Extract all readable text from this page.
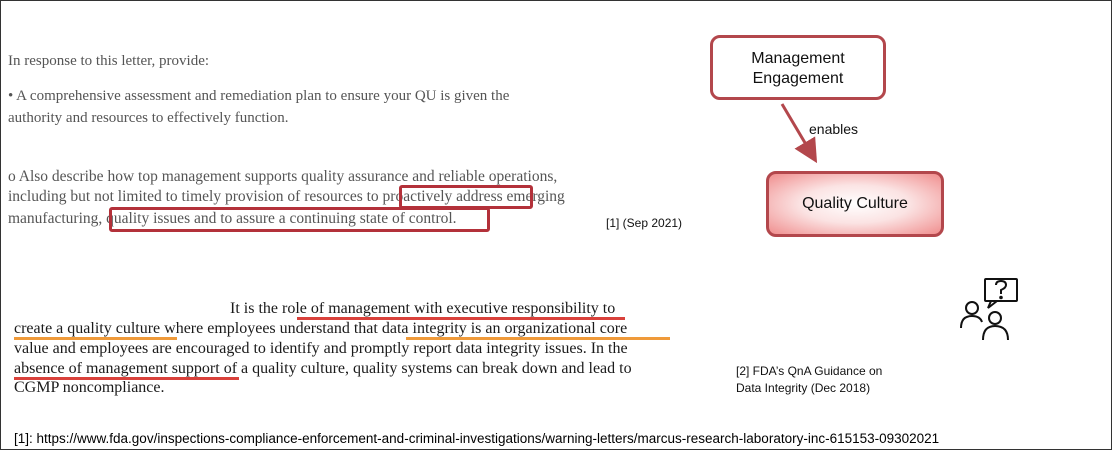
In response to this letter, provide:
• A comprehensive assessment and remediation plan to ensure your QU is given the
authority and resources to effectively function.
o Also describe how top management supports quality assurance and reliable operations,
including but not limited to timely provision of resources to proactively address emerging
manufacturing, quality issues and to assure a continuing state of control.	[1] (Sep 2021)
It is the role of management with executive responsibility to
create a quality culture where employees understand that data integrity is an organizational core
value and employees are encouraged to identify and promptly report data integrity issues. In the
absence of management support of a quality culture, quality systems can break down and lead to
CGMP noncompliance.
[2] FDA’s QnA Guidance on
Data Integrity (Dec 2018)
Management
Engagement
enables
Quality Culture
[1]: https://www.fda.gov/inspections-compliance-enforcement-and-criminal-investigations/warning-letters/marcus-research-laboratory-inc-615153-09302021
